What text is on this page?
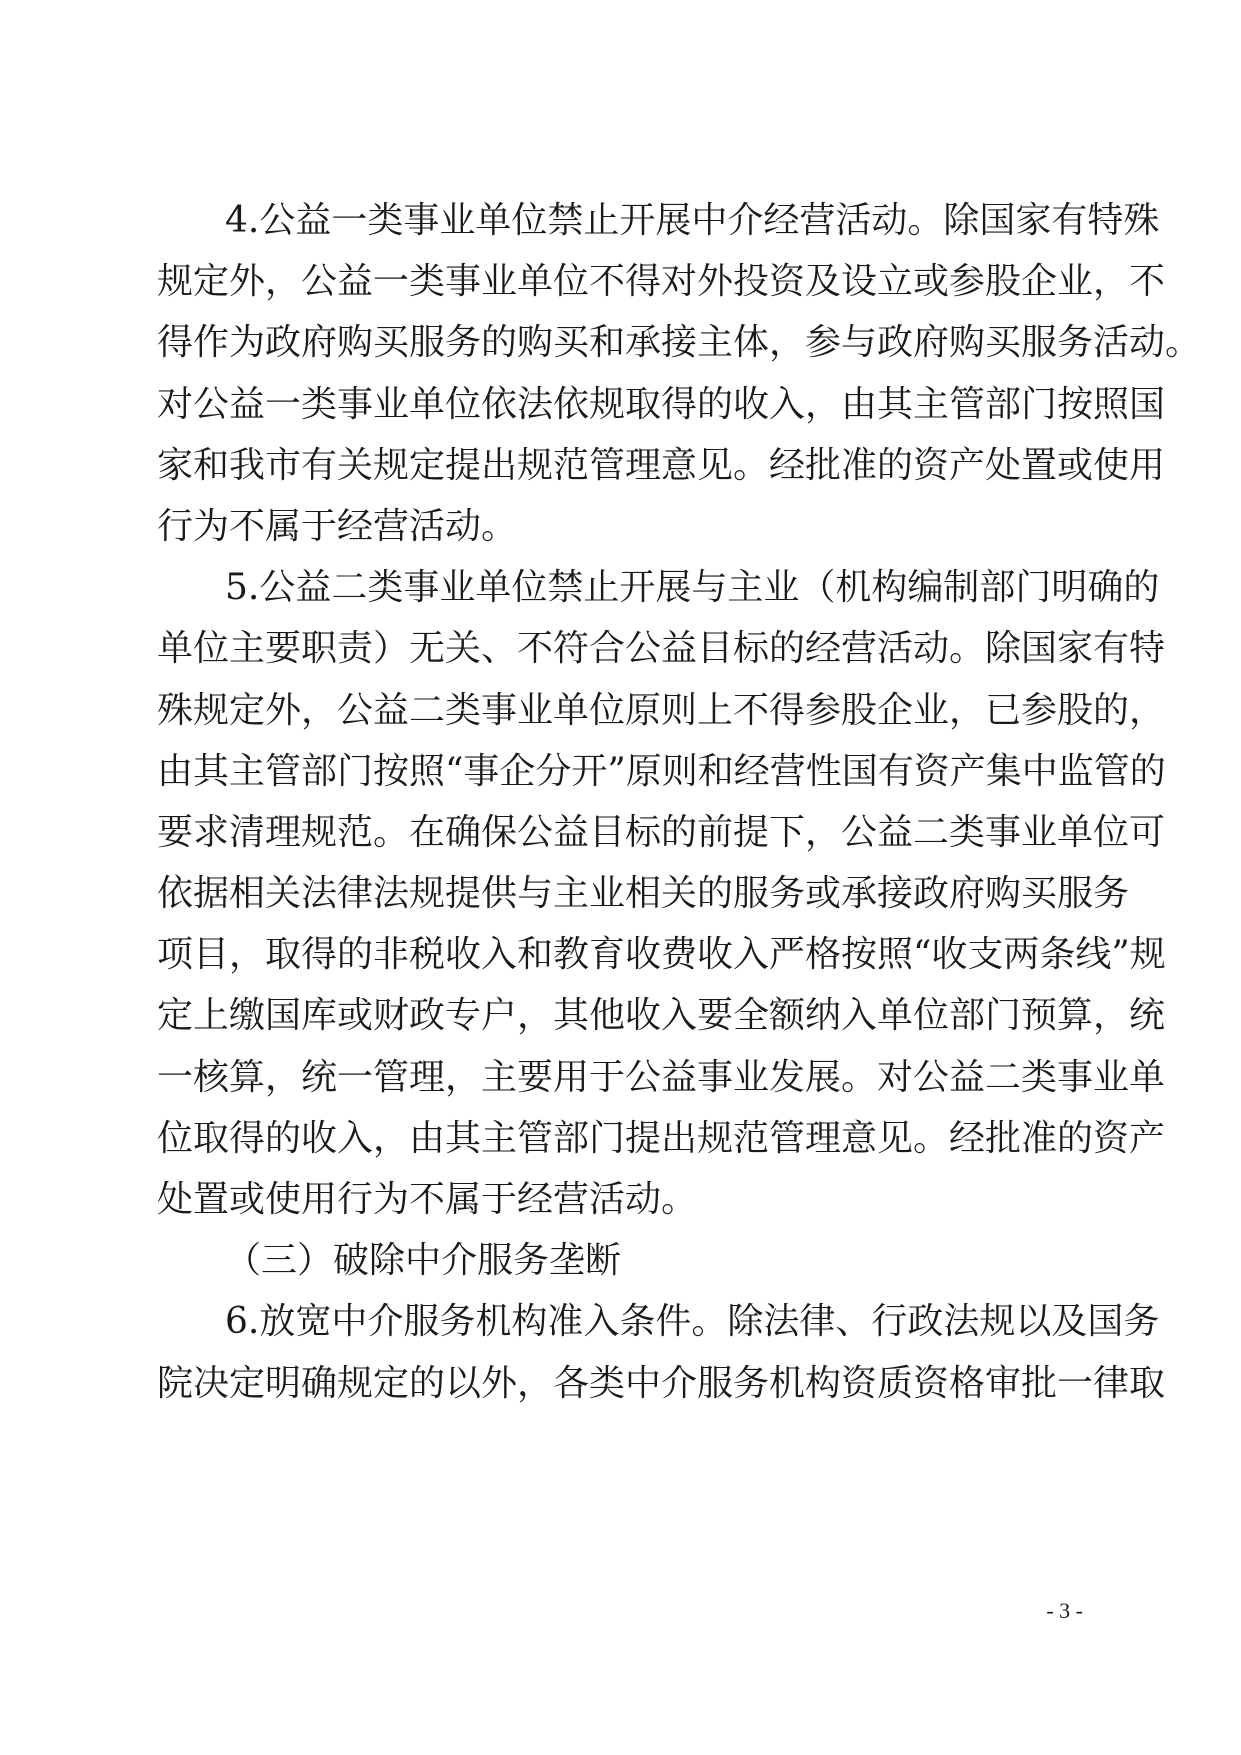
4.公益一类事业单位禁止开展中介经营活动。除国家有特殊
规定外，公益一类事业单位不得对外投资及设立或参股企业，不
得作为政府购买服务的购买和承接主体，参与政府购买服务活动。
对公益一类事业单位依法依规取得的收入，由其主管部门按照国
家和我市有关规定提出规范管理意见。经批准的资产处置或使用
行为不属于经营活动。
5.公益二类事业单位禁止开展与主业（机构编制部门明确的
单位主要职责）无关、不符合公益目标的经营活动。除国家有特
殊规定外，公益二类事业单位原则上不得参股企业，已参股的，
由其主管部门按照“事企分开”原则和经营性国有资产集中监管的
要求清理规范。在确保公益目标的前提下，公益二类事业单位可
依据相关法律法规提供与主业相关的服务或承接政府购买服务
项目，取得的非税收入和教育收费收入严格按照“收支两条线”规
定上缴国库或财政专户，其他收入要全额纳入单位部门预算，统
一核算，统一管理，主要用于公益事业发展。对公益二类事业单
位取得的收入，由其主管部门提出规范管理意见。经批准的资产
处置或使用行为不属于经营活动。
（三）破除中介服务垄断
6.放宽中介服务机构准入条件。除法律、行政法规以及国务
院决定明确规定的以外，各类中介服务机构资质资格审批一律取
- 3 -
